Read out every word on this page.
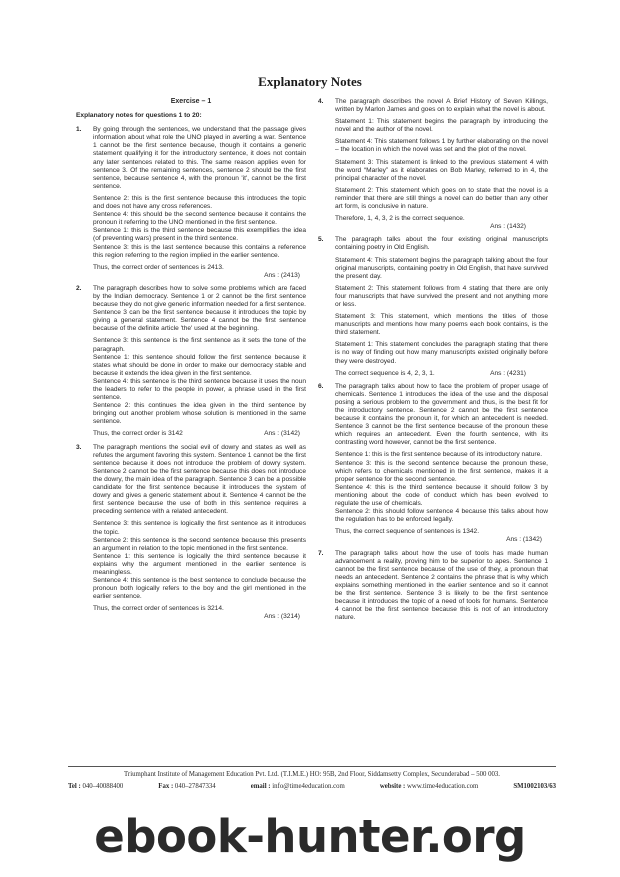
Explanatory Notes
Exercise – 1
Explanatory notes for questions 1 to 20:
1. By going through the sentences, we understand that the passage gives information about what role the UNO played in averting a war. Sentence 1 cannot be the first sentence because, though it contains a generic statement qualifying it for the introductory sentence, it does not contain any later sentences related to this. The same reason applies even for sentence 3. Of the remaining sentences, sentence 2 should be the first sentence, because sentence 4, with the pronoun 'it', cannot be the first sentence.

Sentence 2: this is the first sentence because this introduces the topic and does not have any cross references.

Sentence 4: this should be the second sentence because it contains the pronoun it referring to the UNO mentioned in the first sentence.

Sentence 1: this is the third sentence because this exemplifies the idea (of preventing wars) present in the third sentence.

Sentence 3: this is the last sentence because this contains a reference this region referring to the region implied in the earlier sentence.

Thus, the correct order of sentences is 2413.

Ans : (2413)
2. The paragraph describes how to solve some problems which are faced by the Indian democracy. Sentence 1 or 2 cannot be the first sentence because they do not give generic information needed for a first sentence. Sentence 3 can be the first sentence because it introduces the topic by giving a general statement. Sentence 4 cannot be the first sentence because of the definite article 'the' used at the beginning.

Sentence 3: this sentence is the first sentence as it sets the tone of the paragraph.

Sentence 1: this sentence should follow the first sentence because it states what should be done in order to make our democracy stable and because it extends the idea given in the first sentence.

Sentence 4: this sentence is the third sentence because it uses the noun the leaders to refer to the people in power, a phrase used in the first sentence.

Sentence 2: this continues the idea given in the third sentence by bringing out another problem whose solution is mentioned in the same sentence.

Thus, the correct order is 3142	Ans : (3142)
3. The paragraph mentions the social evil of dowry and states as well as refutes the argument favoring this system. Sentence 1 cannot be the first sentence because it does not introduce the problem of dowry system. Sentence 2 cannot be the first sentence because this does not introduce the dowry, the main idea of the paragraph. Sentence 3 can be a possible candidate for the first sentence because it introduces the system of dowry and gives a generic statement about it. Sentence 4 cannot be the first sentence because the use of both in this sentence requires a preceding sentence with a related antecedent.

Sentence 3: this sentence is logically the first sentence as it introduces the topic.

Sentence 2: this sentence is the second sentence because this presents an argument in relation to the topic mentioned in the first sentence.

Sentence 1: this sentence is logically the third sentence because it explains why the argument mentioned in the earlier sentence is meaningless.

Sentence 4: this sentence is the best sentence to conclude because the pronoun both logically refers to the boy and the girl mentioned in the earlier sentence.

Thus, the correct order of sentences is 3214.

Ans : (3214)
4. The paragraph describes the novel A Brief History of Seven Killings, written by Marlon James and goes on to explain what the novel is about.

Statement 1: This statement begins the paragraph by introducing the novel and the author of the novel.

Statement 4: This statement follows 1 by further elaborating on the novel – the location in which the novel was set and the plot of the novel.

Statement 3: This statement is linked to the previous statement 4 with the word “Marley” as it elaborates on Bob Marley, referred to in 4, the principal character of the novel.

Statement 2: This statement which goes on to state that the novel is a reminder that there are still things a novel can do better than any other art form, is conclusive in nature.

Therefore, 1, 4, 3, 2 is the correct sequence.

Ans : (1432)
5. The paragraph talks about the four existing original manuscripts containing poetry in Old English.

Statement 4: This statement begins the paragraph talking about the four original manuscripts, containing poetry in Old English, that have survived the present day.

Statement 2: This statement follows from 4 stating that there are only four manuscripts that have survived the present and not anything more or less.

Statement 3: This statement, which mentions the titles of those manuscripts and mentions how many poems each book contains, is the third statement.

Statement 1: This statement concludes the paragraph stating that there is no way of finding out how many manuscripts existed originally before they were destroyed.

The correct sequence is 4, 2, 3, 1.	Ans : (4231)
6. The paragraph talks about how to face the problem of proper usage of chemicals. Sentence 1 introduces the idea of the use and the disposal posing a serious problem to the government and thus, is the best fit for the introductory sentence. Sentence 2 cannot be the first sentence because it contains the pronoun it, for which an antecedent is needed. Sentence 3 cannot be the first sentence because of the pronoun these which requires an antecedent. Even the fourth sentence, with its contrasting word however, cannot be the first sentence.

Sentence 1: this is the first sentence because of its introductory nature.

Sentence 3: this is the second sentence because the pronoun these, which refers to chemicals mentioned in the first sentence, makes it a proper sentence for the second sentence.

Sentence 4: this is the third sentence because it should follow 3 by mentioning about the code of conduct which has been evolved to regulate the use of chemicals.

Sentence 2: this should follow sentence 4 because this talks about how the regulation has to be enforced legally.

Thus, the correct sequence of sentences is 1342.

Ans : (1342)
7. The paragraph talks about how the use of tools has made human advancement a reality, proving him to be superior to apes. Sentence 1 cannot be the first sentence because of the use of they, a pronoun that needs an antecedent. Sentence 2 contains the phrase that is why which explains something mentioned in the earlier sentence and so it cannot be the first sentence. Sentence 3 is likely to be the first sentence because it introduces the topic of a need of tools for humans. Sentence 4 cannot be the first sentence because this is not of an introductory nature.

Triumphant Institute of Management Education Pvt. Ltd. (T.I.M.E.) HO: 95B, 2nd Floor, Siddamsetty Complex, Secunderabad – 500 003.
Tel : 040–40088400	Fax : 040–27847334	email : info@time4education.com	website : www.time4education.com	SM1002103/63
ebook-hunter.org
